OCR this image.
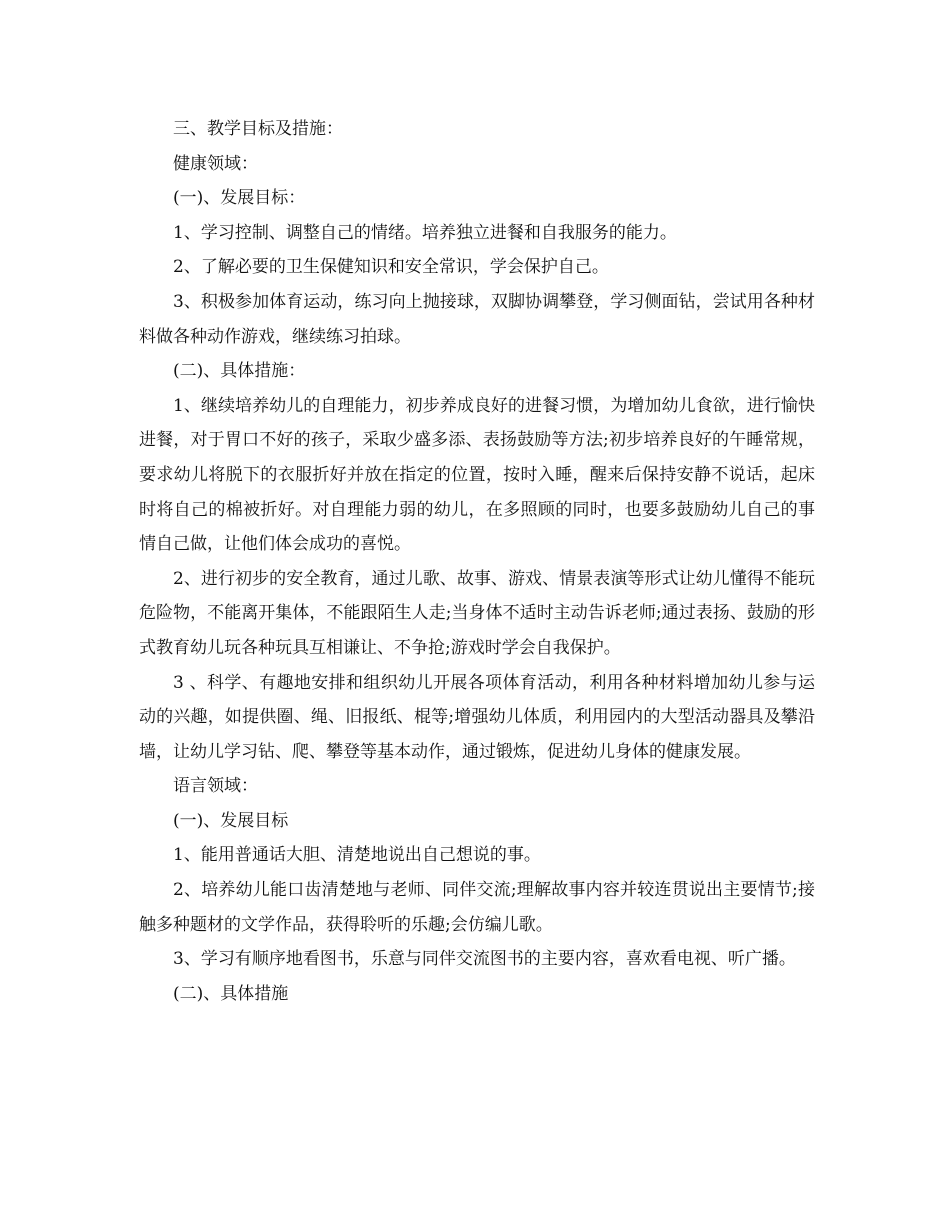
三、教学目标及措施：

健康领域：

(一)、发展目标：

1、学习控制、调整自己的情绪。培养独立进餐和自我服务的能力。

2、了解必要的卫生保健知识和安全常识，学会保护自己。

3、积极参加体育运动，练习向上抛接球，双脚协调攀登，学习侧面钻，尝试用各种材料做各种动作游戏，继续练习拍球。

(二)、具体措施：

1、继续培养幼儿的自理能力，初步养成良好的进餐习惯，为增加幼儿食欲，进行愉快进餐，对于胃口不好的孩子，采取少盛多添、表扬鼓励等方法;初步培养良好的午睡常规，要求幼儿将脱下的衣服折好并放在指定的位置，按时入睡，醒来后保持安静不说话，起床时将自己的棉被折好。对自理能力弱的幼儿，在多照顾的同时，也要多鼓励幼儿自己的事情自己做，让他们体会成功的喜悦。

2、进行初步的安全教育，通过儿歌、故事、游戏、情景表演等形式让幼儿懂得不能玩危险物，不能离开集体，不能跟陌生人走;当身体不适时主动告诉老师;通过表扬、鼓励的形式教育幼儿玩各种玩具互相谦让、不争抢;游戏时学会自我保护。

3 、科学、有趣地安排和组织幼儿开展各项体育活动，利用各种材料增加幼儿参与运动的兴趣，如提供圈、绳、旧报纸、棍等;增强幼儿体质，利用园内的大型活动器具及攀沿墙，让幼儿学习钻、爬、攀登等基本动作，通过锻炼，促进幼儿身体的健康发展。

语言领域：

(一)、发展目标

1、能用普通话大胆、清楚地说出自己想说的事。

2、培养幼儿能口齿清楚地与老师、同伴交流;理解故事内容并较连贯说出主要情节;接触多种题材的文学作品，获得聆听的乐趣;会仿编儿歌。

3、学习有顺序地看图书，乐意与同伴交流图书的主要内容，喜欢看电视、听广播。

(二)、具体措施
